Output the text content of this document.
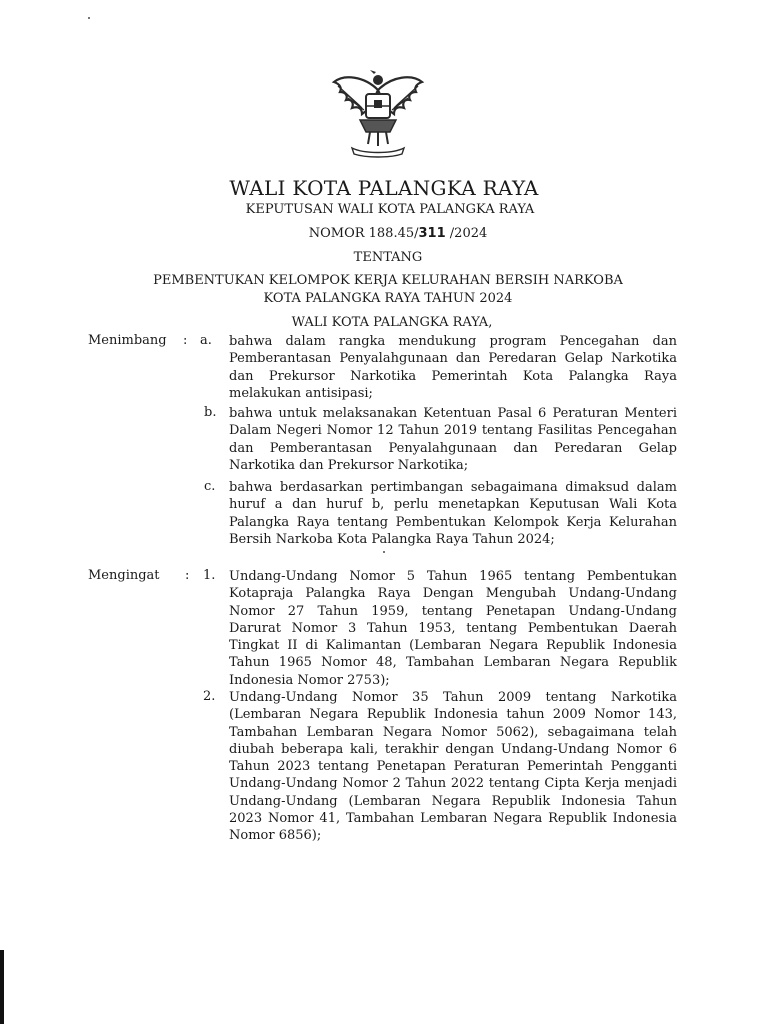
WALI KOTA PALANGKA RAYA
KEPUTUSAN WALI KOTA PALANGKA RAYA
NOMOR 188.45/311 /2024
TENTANG
PEMBENTUKAN KELOMPOK KERJA KELURAHAN BERSIH NARKOBA
KOTA PALANGKA RAYA TAHUN 2024
WALI KOTA PALANGKA RAYA,
Menimbang : a. bahwa dalam rangka mendukung program Pencegahan dan Pemberantasan Penyalahgunaan dan Peredaran Gelap Narkotika dan Prekursor Narkotika Pemerintah Kota Palangka Raya melakukan antisipasi;
b. bahwa untuk melaksanakan Ketentuan Pasal 6 Peraturan Menteri Dalam Negeri Nomor 12 Tahun 2019 tentang Fasilitas Pencegahan dan Pemberantasan Penyalahgunaan dan Peredaran Gelap Narkotika dan Prekursor Narkotika;
c. bahwa berdasarkan pertimbangan sebagaimana dimaksud dalam huruf a dan huruf b, perlu menetapkan Keputusan Wali Kota Palangka Raya tentang Pembentukan Kelompok Kerja Kelurahan Bersih Narkoba Kota Palangka Raya Tahun 2024;
Mengingat : 1. Undang-Undang Nomor 5 Tahun 1965 tentang Pembentukan Kotapraja Palangka Raya Dengan Mengubah Undang-Undang Nomor 27 Tahun 1959, tentang Penetapan Undang-Undang Darurat Nomor 3 Tahun 1953, tentang Pembentukan Daerah Tingkat II di Kalimantan (Lembaran Negara Republik Indonesia Tahun 1965 Nomor 48, Tambahan Lembaran Negara Republik Indonesia Nomor 2753);
2. Undang-Undang Nomor 35 Tahun 2009 tentang Narkotika (Lembaran Negara Republik Indonesia tahun 2009 Nomor 143, Tambahan Lembaran Negara Nomor 5062), sebagaimana telah diubah beberapa kali, terakhir dengan Undang-Undang Nomor 6 Tahun 2023 tentang Penetapan Peraturan Pemerintah Pengganti Undang-Undang Nomor 2 Tahun 2022 tentang Cipta Kerja menjadi Undang-Undang (Lembaran Negara Republik Indonesia Tahun 2023 Nomor 41, Tambahan Lembaran Negara Republik Indonesia Nomor 6856);
